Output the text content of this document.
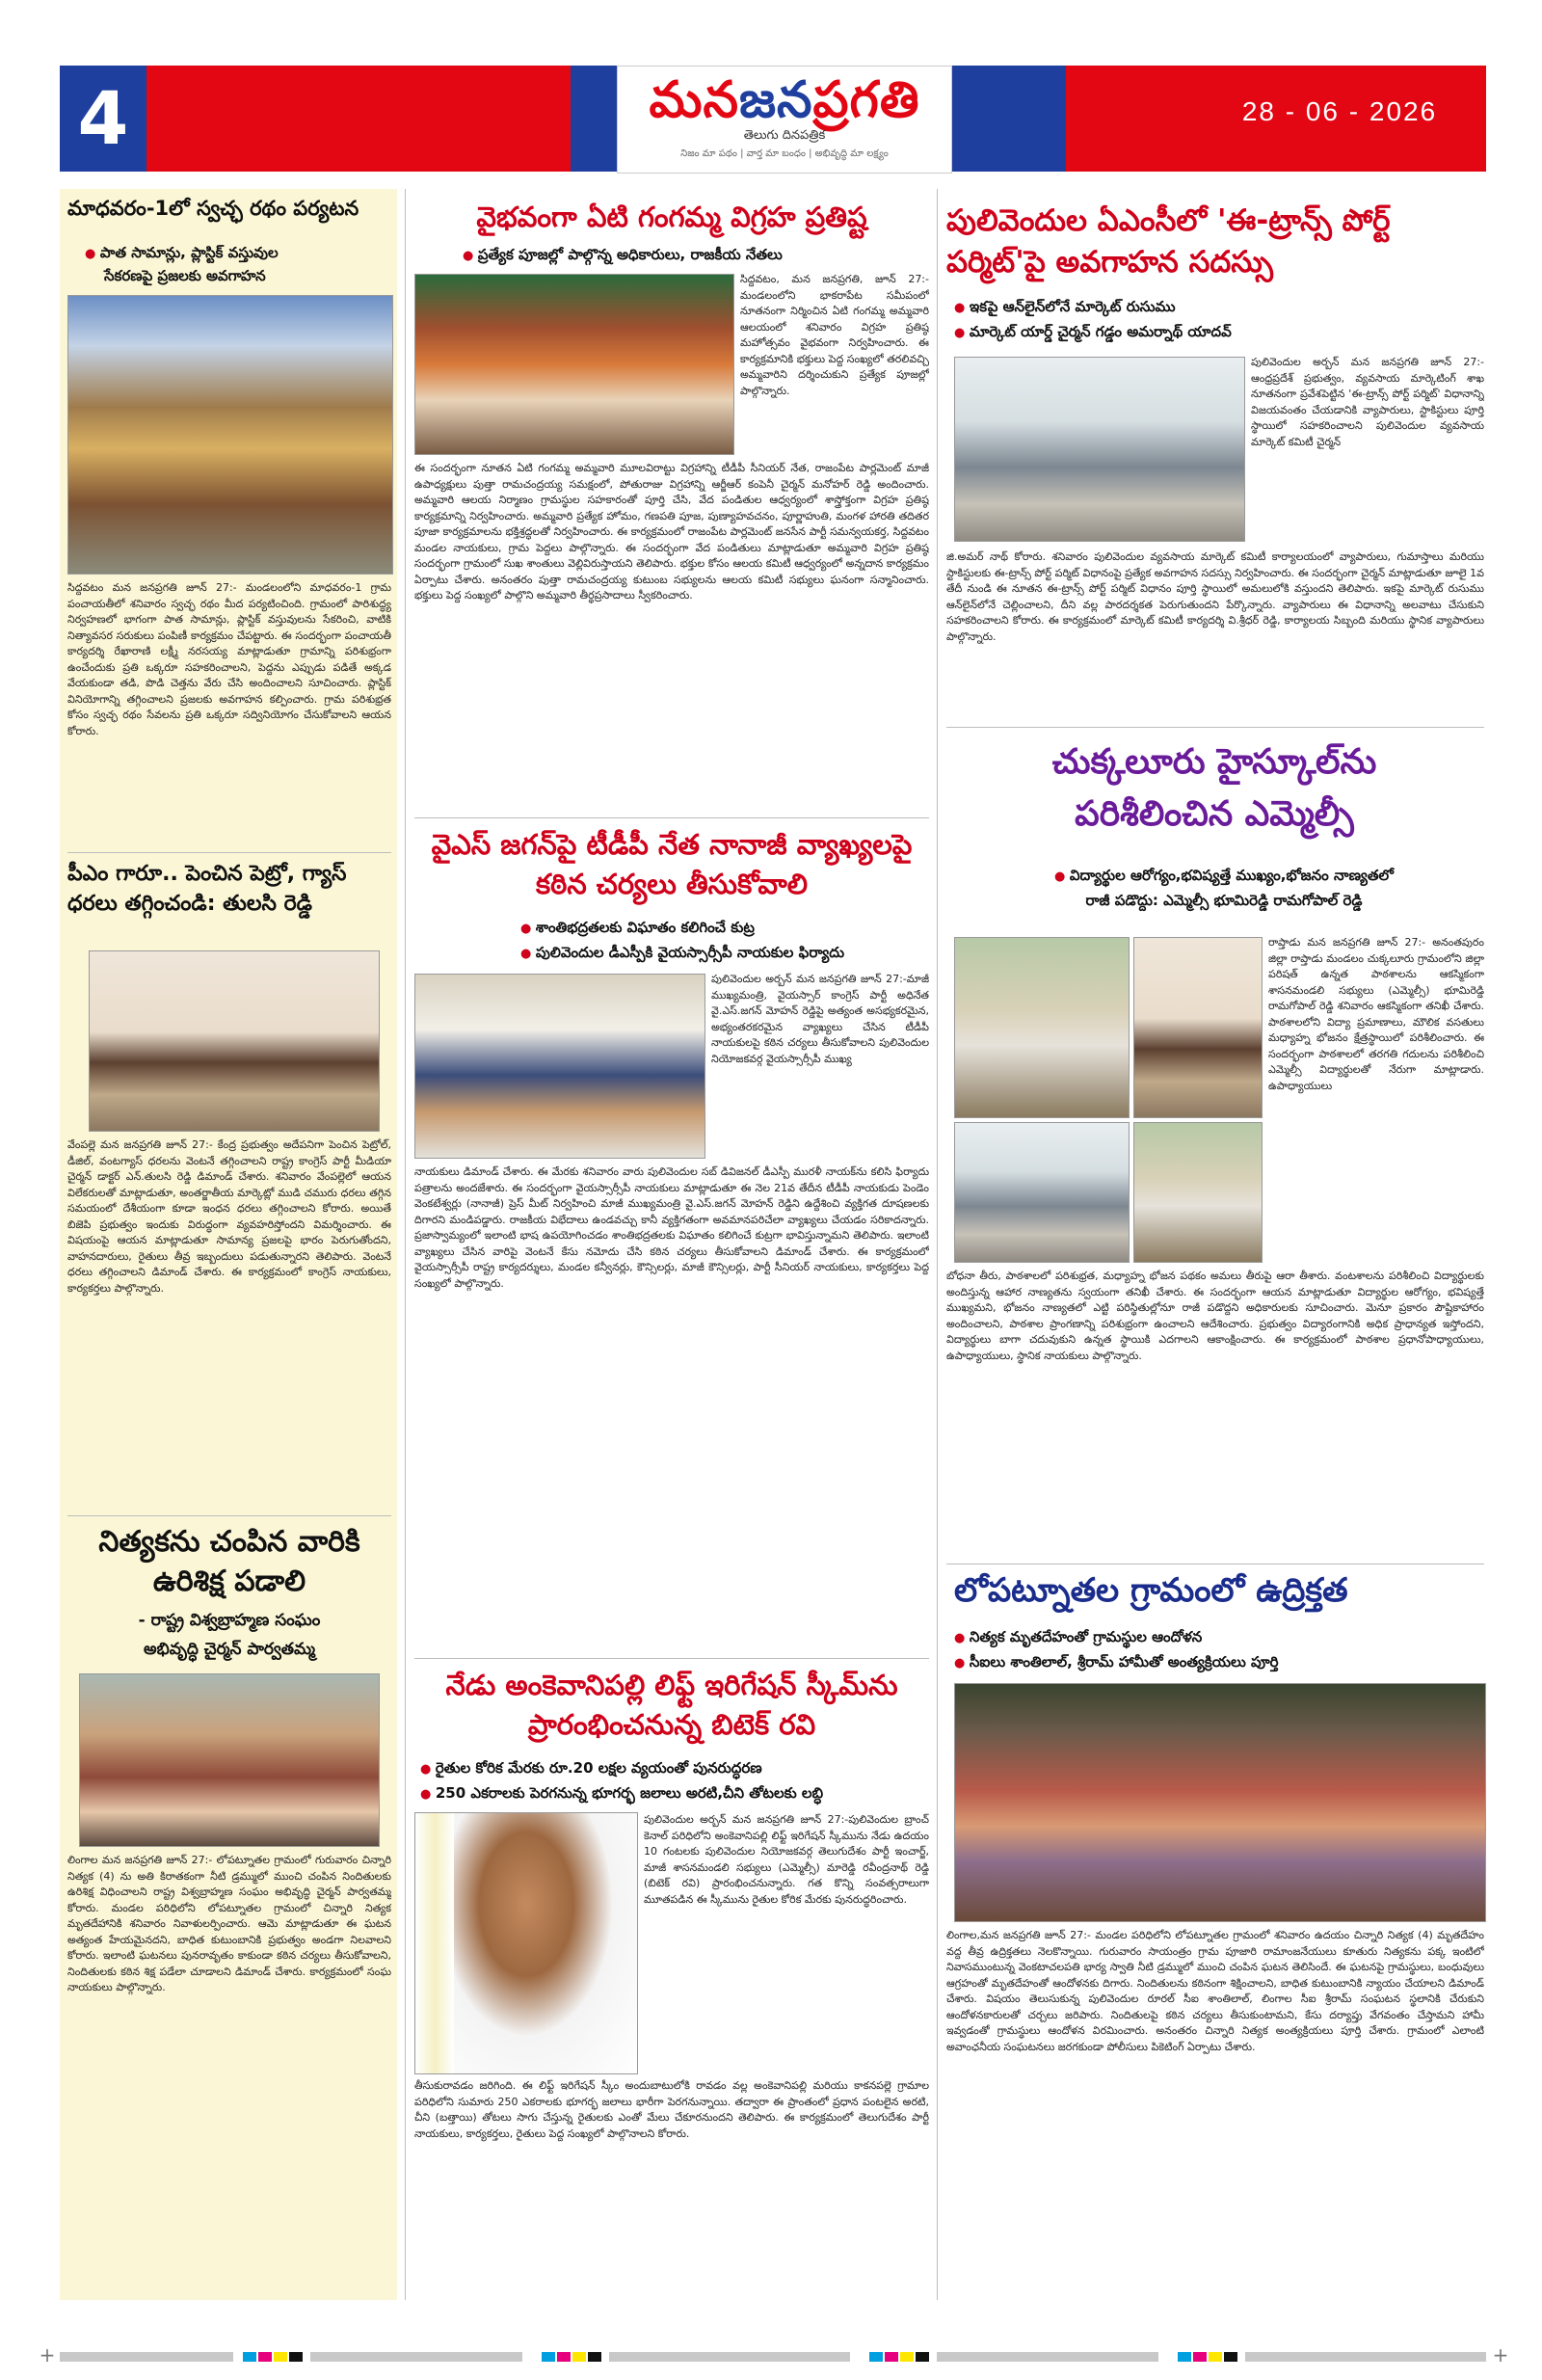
4	మనజనప్రగతి
తెలుగు దినపత్రిక
నిజం మా పథం | వార్త మా బంధం | అభివృద్ధి మా లక్ష్యం
28 - 06 - 2026
మాధవరం-1లో స్వచ్ఛ రథం పర్యటన
● పాత సామాన్లు, ప్లాస్టిక్ వస్తువుల
సేకరణపై ప్రజలకు అవగాహన
సిద్దవటం మన జనప్రగతి జూన్ 27:- మండలంలోని మాధవరం-1 గ్రామ పంచాయతీలో శనివారం స్వచ్ఛ రథం మీద పర్యటించింది. గ్రామంలో పారిశుద్ధ్య నిర్వహణలో భాగంగా పాత సామాన్లు, ప్లాస్టిక్ వస్తువులను సేకరించి, వాటికి నిత్యావసర సరుకులు పంపిణీ కార్యక్రమం చేపట్టారు. ఈ సందర్భంగా పంచాయతీ కార్యదర్శి రేఖారాణి లక్ష్మీ నరసయ్య మాట్లాడుతూ గ్రామాన్ని పరిశుభ్రంగా ఉంచేందుకు ప్రతి ఒక్కరూ సహకరించాలని, పెద్దను ఎప్పుడు పడితే అక్కడ వేయకుండా తడి, పొడి చెత్తను వేరు చేసి అందించాలని సూచించారు. ప్లాస్టిక్ వినియోగాన్ని తగ్గించాలని ప్రజలకు అవగాహన కల్పించారు. గ్రామ పరిశుభ్రత కోసం స్వచ్ఛ రథం సేవలను ప్రతి ఒక్కరూ సద్వినియోగం చేసుకోవాలని ఆయన కోరారు.
పీఎం గారూ.. పెంచిన పెట్రో, గ్యాస్ ధరలు తగ్గించండి: తులసి రెడ్డి
వేంపల్లె మన జనప్రగతి జూన్ 27:- కేంద్ర ప్రభుత్వం అదేపనిగా పెంచిన పెట్రోల్, డీజిల్, వంటగ్యాస్ ధరలను వెంటనే తగ్గించాలని రాష్ట్ర కాంగ్రెస్ పార్టీ మీడియా చైర్మన్ డాక్టర్ ఎన్.తులసి రెడ్డి డిమాండ్ చేశారు. శనివారం వేంపల్లెలో ఆయన విలేకరులతో మాట్లాడుతూ, అంతర్జాతీయ మార్కెట్లో ముడి చమురు ధరలు తగ్గిన సమయంలో దేశీయంగా కూడా ఇంధన ధరలు తగ్గించాలని కోరారు. అయితే బిజెపి ప్రభుత్వం ఇందుకు విరుద్ధంగా వ్యవహరిస్తోందని విమర్శించారు. ఈ విషయంపై ఆయన మాట్లాడుతూ సామాన్య ప్రజలపై భారం పెరుగుతోందని, వాహనదారులు, రైతులు తీవ్ర ఇబ్బందులు పడుతున్నారని తెలిపారు. వెంటనే ధరలు తగ్గించాలని డిమాండ్ చేశారు. ఈ కార్యక్రమంలో కాంగ్రెస్ నాయకులు, కార్యకర్తలు పాల్గొన్నారు.
నిత్యకను చంపిన వారికి ఉరిశిక్ష పడాలి
- రాష్ట్ర విశ్వబ్రాహ్మణ సంఘం
అభివృద్ధి చైర్మన్ పార్వతమ్మ
లింగాల మన జనప్రగతి జూన్ 27:- లోపట్నూతల గ్రామంలో గురువారం చిన్నారి నిత్యక (4) ను అతి కిరాతకంగా నీటి డ్రమ్ములో ముంచి చంపిన నిందితులకు ఉరిశిక్ష విధించాలని రాష్ట్ర విశ్వబ్రాహ్మణ సంఘం అభివృద్ధి చైర్మన్ పార్వతమ్మ కోరారు. మండల పరిధిలోని లోపట్నూతల గ్రామంలో చిన్నారి నిత్యక మృతదేహానికి శనివారం నివాళులర్పించారు. ఆమె మాట్లాడుతూ ఈ ఘటన అత్యంత హేయమైనదని, బాధిత కుటుంబానికి ప్రభుత్వం అండగా నిలవాలని కోరారు. ఇలాంటి ఘటనలు పునరావృతం కాకుండా కఠిన చర్యలు తీసుకోవాలని, నిందితులకు కఠిన శిక్ష పడేలా చూడాలని డిమాండ్ చేశారు. కార్యక్రమంలో సంఘ నాయకులు పాల్గొన్నారు.
వైభవంగా ఏటి గంగమ్మ విగ్రహ ప్రతిష్ట
● ప్రత్యేక పూజల్లో పాల్గొన్న అధికారులు, రాజకీయ నేతలు
సిద్దవటం, మన జనప్రగతి, జూన్ 27:- మండలంలోని భాకరాపేట సమీపంలో నూతనంగా నిర్మించిన ఏటి గంగమ్మ అమ్మవారి ఆలయంలో శనివారం విగ్రహ ప్రతిష్ఠ మహోత్సవం వైభవంగా నిర్వహించారు. ఈ కార్యక్రమానికి భక్తులు పెద్ద సంఖ్యలో తరలివచ్చి అమ్మవారిని దర్శించుకుని ప్రత్యేక పూజల్లో పాల్గొన్నారు.
ఈ సందర్భంగా నూతన ఏటి గంగమ్మ అమ్మవారి మూలవిరాట్టు విగ్రహాన్ని టీడీపీ సీనియర్ నేత, రాజంపేట పార్లమెంట్ మాజీ ఉపాధ్యక్షులు పుత్తా రామచంద్రయ్య సమక్షంలో, పోతురాజు విగ్రహాన్ని ఆర్జీఆర్ కంపెనీ చైర్మన్ మనోహర్ రెడ్డి అందించారు. అమ్మవారి ఆలయ నిర్మాణం గ్రామస్థుల సహకారంతో పూర్తి చేసి, వేద పండితుల ఆధ్వర్యంలో శాస్త్రోక్తంగా విగ్రహ ప్రతిష్ఠ కార్యక్రమాన్ని నిర్వహించారు. అమ్మవారి ప్రత్యేక హోమం, గణపతి పూజ, పుణ్యాహవచనం, పూర్ణాహుతి, మంగళ హారతి తదితర పూజా కార్యక్రమాలను భక్తిశ్రద్ధలతో నిర్వహించారు. ఈ కార్యక్రమంలో రాజంపేట పార్లమెంట్ జనసేన పార్టీ సమన్వయకర్త, సిద్దవటం మండల నాయకులు, గ్రామ పెద్దలు పాల్గొన్నారు. ఈ సందర్భంగా వేద పండితులు మాట్లాడుతూ అమ్మవారి విగ్రహ ప్రతిష్ఠ సందర్భంగా గ్రామంలో సుఖ శాంతులు వెల్లివిరుస్తాయని తెలిపారు. భక్తుల కోసం ఆలయ కమిటీ ఆధ్వర్యంలో అన్నదాన కార్యక్రమం ఏర్పాటు చేశారు. అనంతరం పుత్తా రామచంద్రయ్య కుటుంబ సభ్యులను ఆలయ కమిటీ సభ్యులు ఘనంగా సన్మానించారు. భక్తులు పెద్ద సంఖ్యలో పాల్గొని అమ్మవారి తీర్థప్రసాదాలు స్వీకరించారు.
వైఎస్ జగన్‌పై టీడీపీ నేత నానాజీ వ్యాఖ్యలపై కఠిన చర్యలు తీసుకోవాలి
● శాంతిభద్రతలకు విఘాతం కలిగించే కుట్ర
● పులివెందుల డీఎస్పీకి వైయస్సార్సీపీ నాయకుల ఫిర్యాదు
పులివెందుల అర్బన్ మన జనప్రగతి జూన్ 27:-మాజీ ముఖ్యమంత్రి, వైయస్సార్ కాంగ్రెస్ పార్టీ అధినేత వై.ఎస్.జగన్ మోహన్ రెడ్డిపై అత్యంత అసభ్యకరమైన, అభ్యంతరకరమైన వ్యాఖ్యలు చేసిన టీడీపీ నాయకులపై కఠిన చర్యలు తీసుకోవాలని పులివెందుల నియోజకవర్గ వైయస్సార్సీపీ ముఖ్య
నాయకులు డిమాండ్ చేశారు. ఈ మేరకు శనివారం వారు పులివెందుల సబ్ డివిజనల్ డీఎస్పీ మురళీ నాయక్‌ను కలిసి ఫిర్యాదు పత్రాలను అందజేశారు. ఈ సందర్భంగా వైయస్సార్సీపీ నాయకులు మాట్లాడుతూ ఈ నెల 21వ తేదీన టీడీపీ నాయకుడు పెండెం వెంకటేశ్వర్లు (నానాజీ) ప్రెస్ మీట్ నిర్వహించి మాజీ ముఖ్యమంత్రి వై.ఎస్.జగన్ మోహన్ రెడ్డిని ఉద్దేశించి వ్యక్తిగత దూషణలకు దిగారని మండిపడ్డారు. రాజకీయ విభేదాలు ఉండవచ్చు కానీ వ్యక్తిగతంగా అవమానపరిచేలా వ్యాఖ్యలు చేయడం సరికాదన్నారు. ప్రజాస్వామ్యంలో ఇలాంటి భాష ఉపయోగించడం శాంతిభద్రతలకు విఘాతం కలిగించే కుట్రగా భావిస్తున్నామని తెలిపారు. ఇలాంటి వ్యాఖ్యలు చేసిన వారిపై వెంటనే కేసు నమోదు చేసి కఠిన చర్యలు తీసుకోవాలని డిమాండ్ చేశారు. ఈ కార్యక్రమంలో వైయస్సార్సీపీ రాష్ట్ర కార్యదర్శులు, మండల కన్వీనర్లు, కౌన్సిలర్లు, మాజీ కౌన్సిలర్లు, పార్టీ సీనియర్ నాయకులు, కార్యకర్తలు పెద్ద సంఖ్యలో పాల్గొన్నారు.
నేడు అంకెవానిపల్లి లిఫ్ట్ ఇరిగేషన్ స్కీమ్‌ను ప్రారంభించనున్న బిటెక్ రవి
● రైతుల కోరిక మేరకు రూ.20 లక్షల వ్యయంతో పునరుద్ధరణ
● 250 ఎకరాలకు పెరగనున్న భూగర్భ జలాలు అరటి,చీని తోటలకు లబ్ధి
పులివెందుల అర్బన్ మన జనప్రగతి జూన్ 27:-పులివెందుల బ్రాంచ్ కెనాల్ పరిధిలోని అంకెవానిపల్లి లిఫ్ట్ ఇరిగేషన్ స్కీమును నేడు ఉదయం 10 గంటలకు పులివెందుల నియోజకవర్గ తెలుగుదేశం పార్టీ ఇంచార్జ్, మాజీ శాసనమండలి సభ్యులు (ఎమ్మెల్సీ) మారెడ్డి రవీంద్రనాథ్ రెడ్డి (బిటెక్ రవి) ప్రారంభించనున్నారు. గత కొన్ని సంవత్సరాలుగా మూతపడిన ఈ స్కీమును రైతుల కోరిక మేరకు పునరుద్ధరించారు.
తీసుకురావడం జరిగింది. ఈ లిఫ్ట్ ఇరిగేషన్ స్కీం అందుబాటులోకి రావడం వల్ల అంకెవానిపల్లి మరియు కాకనపల్లె గ్రామాల పరిధిలోని సుమారు 250 ఎకరాలకు భూగర్భ జలాలు భారీగా పెరగనున్నాయి. తద్వారా ఈ ప్రాంతంలో ప్రధాన పంటలైన అరటి, చీని (బత్తాయి) తోటలు సాగు చేస్తున్న రైతులకు ఎంతో మేలు చేకూరనుందని తెలిపారు. ఈ కార్యక్రమంలో తెలుగుదేశం పార్టీ నాయకులు, కార్యకర్తలు, రైతులు పెద్ద సంఖ్యలో పాల్గొనాలని కోరారు.
పులివెందుల ఏఎంసీలో 'ఈ-ట్రాన్స్ పోర్ట్ పర్మిట్'పై అవగాహన సదస్సు
● ఇకపై ఆన్‌లైన్‌లోనే మార్కెట్ రుసుము
● మార్కెట్ యార్డ్ చైర్మన్ గడ్డం అమర్నాథ్ యాదవ్
పులివెందుల అర్బన్ మన జనప్రగతి జూన్ 27:- ఆంధ్రప్రదేశ్ ప్రభుత్వం, వ్యవసాయ మార్కెటింగ్ శాఖ నూతనంగా ప్రవేశపెట్టిన 'ఈ-ట్రాన్స్ పోర్ట్ పర్మిట్' విధానాన్ని విజయవంతం చేయడానికి వ్యాపారులు, స్టాకిస్టులు పూర్తి స్థాయిలో సహకరించాలని పులివెందుల వ్యవసాయ మార్కెట్ కమిటీ చైర్మన్
జి.అమర్ నాథ్ కోరారు. శనివారం పులివెందుల వ్యవసాయ మార్కెట్ కమిటీ కార్యాలయంలో వ్యాపారులు, గుమాస్తాలు మరియు స్టాకిస్టులకు ఈ-ట్రాన్స్ పోర్ట్ పర్మిట్ విధానంపై ప్రత్యేక అవగాహన సదస్సు నిర్వహించారు. ఈ సందర్భంగా చైర్మన్ మాట్లాడుతూ జూలై 1వ తేదీ నుండి ఈ నూతన ఈ-ట్రాన్స్ పోర్ట్ పర్మిట్ విధానం పూర్తి స్థాయిలో అమలులోకి వస్తుందని తెలిపారు. ఇకపై మార్కెట్ రుసుము ఆన్‌లైన్‌లోనే చెల్లించాలని, దీని వల్ల పారదర్శకత పెరుగుతుందని పేర్కొన్నారు. వ్యాపారులు ఈ విధానాన్ని అలవాటు చేసుకుని సహకరించాలని కోరారు. ఈ కార్యక్రమంలో మార్కెట్ కమిటీ కార్యదర్శి వి.శ్రీధర్ రెడ్డి, కార్యాలయ సిబ్బంది మరియు స్థానిక వ్యాపారులు పాల్గొన్నారు.
చుక్కలూరు హైస్కూల్‌ను పరిశీలించిన ఎమ్మెల్సీ
● విద్యార్థుల ఆరోగ్యం,భవిష్యత్తే ముఖ్యం,భోజనం నాణ్యతలో
రాజీ పడొద్దు: ఎమ్మెల్సీ భూమిరెడ్డి రామగోపాల్ రెడ్డి
రాప్తాడు మన జనప్రగతి జూన్ 27:- అనంతపురం జిల్లా రాప్తాడు మండలం చుక్కలూరు గ్రామంలోని జిల్లా పరిషత్ ఉన్నత పాఠశాలను ఆకస్మికంగా శాసనమండలి సభ్యులు (ఎమ్మెల్సీ) భూమిరెడ్డి రామగోపాల్ రెడ్డి శనివారం ఆకస్మికంగా తనిఖీ చేశారు. పాఠశాలలోని విద్యా ప్రమాణాలు, మౌలిక వసతులు మధ్యాహ్న భోజనం క్షేత్రస్థాయిలో పరిశీలించారు. ఈ సందర్భంగా పాఠశాలలో తరగతి గదులను పరిశీలించి ఎమ్మెల్సీ విద్యార్థులతో నేరుగా మాట్లాడారు. ఉపాధ్యాయులు
బోధనా తీరు, పాఠశాలలో పరిశుభ్రత, మధ్యాహ్న భోజన పథకం అమలు తీరుపై ఆరా తీశారు. వంటశాలను పరిశీలించి విద్యార్థులకు అందిస్తున్న ఆహార నాణ్యతను స్వయంగా తనిఖీ చేశారు. ఈ సందర్భంగా ఆయన మాట్లాడుతూ విద్యార్థుల ఆరోగ్యం, భవిష్యత్తే ముఖ్యమని, భోజనం నాణ్యతలో ఎట్టి పరిస్థితుల్లోనూ రాజీ పడొద్దని అధికారులకు సూచించారు. మెనూ ప్రకారం పౌష్టికాహారం అందించాలని, పాఠశాల ప్రాంగణాన్ని పరిశుభ్రంగా ఉంచాలని ఆదేశించారు. ప్రభుత్వం విద్యారంగానికి అధిక ప్రాధాన్యత ఇస్తోందని, విద్యార్థులు బాగా చదువుకుని ఉన్నత స్థాయికి ఎదగాలని ఆకాంక్షించారు. ఈ కార్యక్రమంలో పాఠశాల ప్రధానోపాధ్యాయులు, ఉపాధ్యాయులు, స్థానిక నాయకులు పాల్గొన్నారు.
లోపట్నూతల గ్రామంలో ఉద్రిక్తత
● నిత్యక మృతదేహంతో గ్రామస్థుల ఆందోళన
● సీఐలు శాంతిలాల్, శ్రీరామ్ హామీతో అంత్యక్రియలు పూర్తి
లింగాల,మన జనప్రగతి జూన్ 27:- మండల పరిధిలోని లోపట్నూతల గ్రామంలో శనివారం ఉదయం చిన్నారి నిత్యక (4) మృతదేహం వద్ద తీవ్ర ఉద్రిక్తతలు నెలకొన్నాయి. గురువారం సాయంత్రం గ్రామ పూజారి రామాంజనేయులు కూతురు నిత్యకను పక్క ఇంటిలో నివాసముంటున్న వెంకటాచలపతి భార్య స్వాతి నీటి డ్రమ్ములో ముంచి చంపిన ఘటన తెలిసిందే. ఈ ఘటనపై గ్రామస్థులు, బంధువులు ఆగ్రహంతో మృతదేహంతో ఆందోళనకు దిగారు. నిందితులను కఠినంగా శిక్షించాలని, బాధిత కుటుంబానికి న్యాయం చేయాలని డిమాండ్ చేశారు. విషయం తెలుసుకున్న పులివెందుల రూరల్ సీఐ శాంతిలాల్, లింగాల సీఐ శ్రీరామ్ సంఘటన స్థలానికి చేరుకుని ఆందోళనకారులతో చర్చలు జరిపారు. నిందితులపై కఠిన చర్యలు తీసుకుంటామని, కేసు దర్యాప్తు వేగవంతం చేస్తామని హామీ ఇవ్వడంతో గ్రామస్థులు ఆందోళన విరమించారు. అనంతరం చిన్నారి నిత్యక అంత్యక్రియలు పూర్తి చేశారు. గ్రామంలో ఎలాంటి అవాంఛనీయ సంఘటనలు జరగకుండా పోలీసులు పికెటింగ్ ఏర్పాటు చేశారు.
+	+
